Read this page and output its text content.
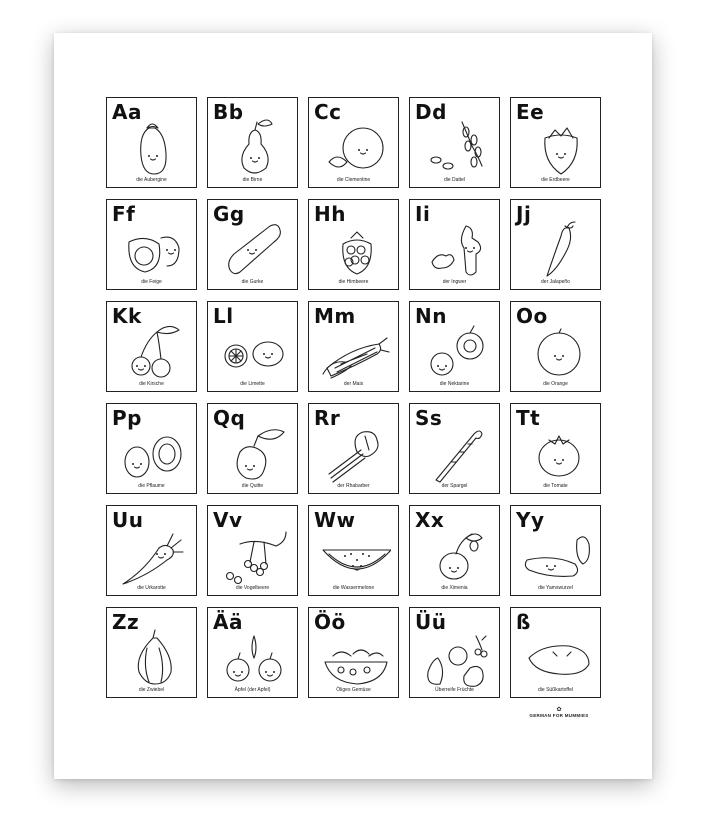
Aa
die Aubergine
Bb
die Birne
Cc
die Clementine
Dd
die Dattel
Ee
die Erdbeere
Ff
die Feige
Gg
die Gurke
Hh
die Himbeere
Ii
der Ingwer
Jj
der Jalapeño
Kk
die Kirsche
Ll
die Limette
Mm
der Mais
Nn
die Nektarine
Oo
die Orange
Pp
die Pflaume
Qq
die Quitte
Rr
der Rhabarber
Ss
der Spargel
Tt
die Tomate
Uu
die Urkarotte
Vv
die Vogelbeere
Ww
die Wassermelone
Xx
die Ximenia
Yy
die Yamswurzel
Zz
die Zwiebel
Ää
Äpfel (der Apfel)
Öö
Öliges Gemüse
Üü
Überreife Früchte
ß
die Süßkartoffel
✿
GERMAN FOR MUMMIES
